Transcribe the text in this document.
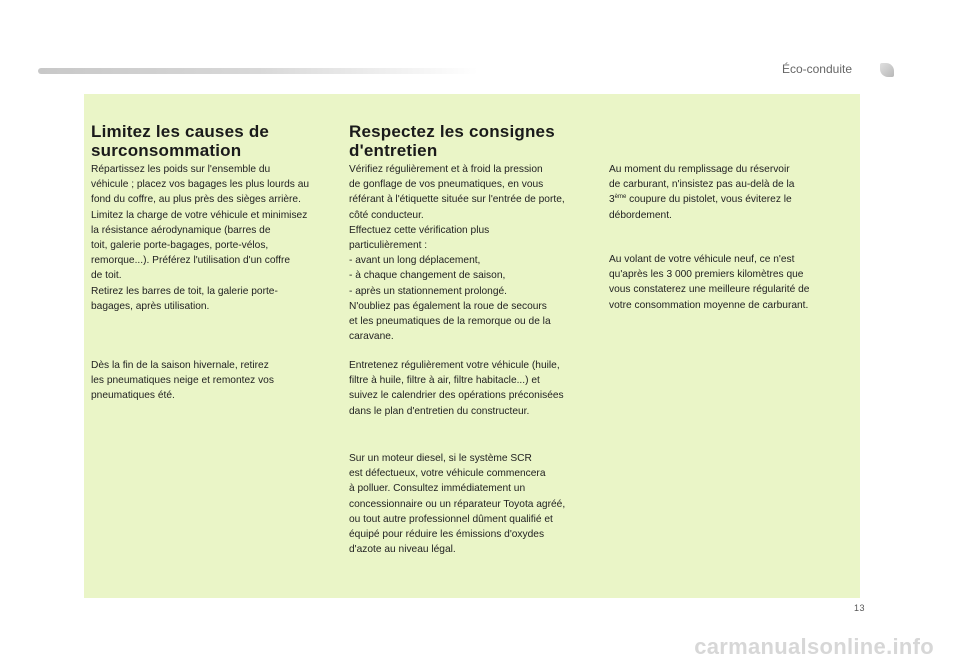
Éco-conduite
Limitez les causes de
surconsommation

Répartissez les poids sur l'ensemble du
véhicule ; placez vos bagages les plus lourds au
fond du coffre, au plus près des sièges arrière.
Limitez la charge de votre véhicule et minimisez
la résistance aérodynamique (barres de
toit, galerie porte-bagages, porte-vélos,
remorque...). Préférez l'utilisation d'un coffre
de toit.
Retirez les barres de toit, la galerie porte-
bagages, après utilisation.

Dès la fin de la saison hivernale, retirez
les pneumatiques neige et remontez vos
pneumatiques été.

Respectez les consignes
d'entretien

Vérifiez régulièrement et à froid la pression
de gonflage de vos pneumatiques, en vous
référant à l'étiquette située sur l'entrée de porte,
côté conducteur.
Effectuez cette vérification plus
particulièrement :
- avant un long déplacement,
- à chaque changement de saison,
- après un stationnement prolongé.
N'oubliez pas également la roue de secours
et les pneumatiques de la remorque ou de la
caravane.

Entretenez régulièrement votre véhicule (huile,
filtre à huile, filtre à air, filtre habitacle...) et
suivez le calendrier des opérations préconisées
dans le plan d'entretien du constructeur.

Sur un moteur diesel, si le système SCR
est défectueux, votre véhicule commencera
à polluer. Consultez immédiatement un
concessionnaire ou un réparateur Toyota agréé,
ou tout autre professionnel dûment qualifié et
équipé pour réduire les émissions d'oxydes
d'azote au niveau légal.

Au moment du remplissage du réservoir
de carburant, n'insistez pas au-delà de la
3ème coupure du pistolet, vous éviterez le
débordement.

Au volant de votre véhicule neuf, ce n'est
qu'après les 3 000 premiers kilomètres que
vous constaterez une meilleure régularité de
votre consommation moyenne de carburant.

13
carmanualsonline.info
